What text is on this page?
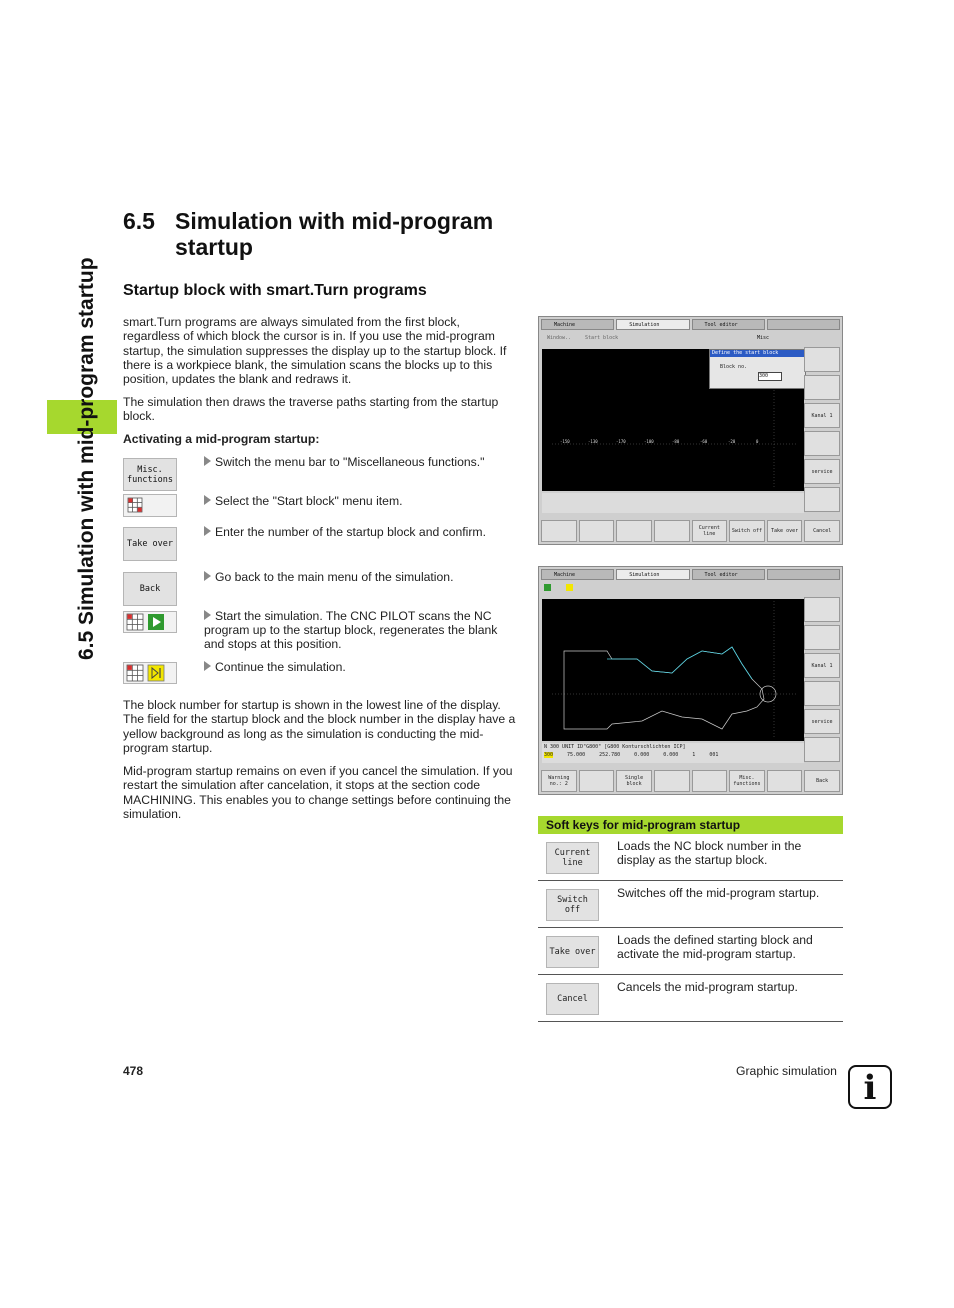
6.5 Simulation with mid-program startup
6.5 Simulation with mid-program
startup
Startup block with smart.Turn programs

smart.Turn programs are always simulated from the first block, regardless of which block the cursor is in. If you use the mid-program startup, the simulation suppresses the display up to the startup block. If there is a workpiece blank, the simulation scans the blocks up to this position, updates the blank and redraws it.

The simulation then draws the traverse paths starting from the startup block.

Activating a mid-program startup:

Misc.
functions
Switch the menu bar to "Miscellaneous functions."
Select the "Start block" menu item.
Take over
Enter the number of the startup block and confirm.
Back
Go back to the main menu of the simulation.
Start the simulation. The CNC PILOT scans the NC program up to the startup block, regenerates the blank and stops at this position.
Continue the simulation.

The block number for startup is shown in the lowest line of the display. The field for the startup block and the block number in the display have a yellow background as long as the simulation is conducting the mid-program startup.

Mid-program startup remains on even if you cancel the simulation. If you restart the simulation after cancelation, it stops at the section code MACHINING. This enables you to change settings before continuing the simulation.

Machine	Simulation	Tool editor
Window..	Start block	Misc
-150	-130	-170	-100	-80	-60	-20	0
Define the start block
Block no.
300
Kanal 1
service
Current
line	Switch off	Take over	Cancel
Machine	Simulation	Tool editor
Kanal 1
service
N 300 UNIT ID"G800" [G800 Konturschlichten ICP]
300	75.000	252.780	0.000	0.000	1	001
Warning
no.: 2
Single
block
Misc.
functions	Back
Soft keys for mid-program startup
Current
line
Loads the NC block number in the display as the startup block.
Switch off
Switches off the mid-program startup.
Take over
Loads the defined starting block and activate the mid-program startup.
Cancel
Cancels the mid-program startup.
478	Graphic simulation i
